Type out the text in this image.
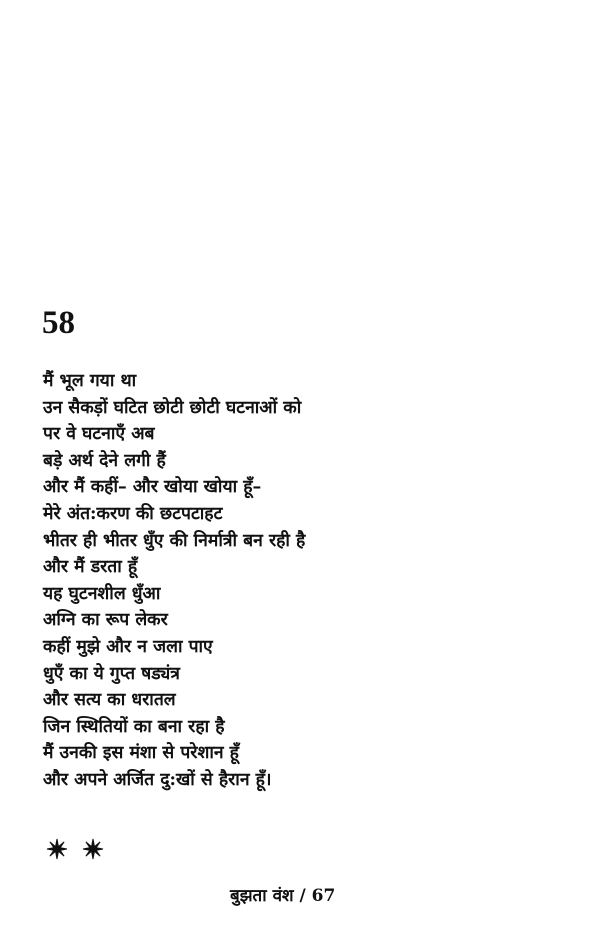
58
मैं भूल गया था
उन सैकड़ों घटित छोटी छोटी घटनाओं को
पर वे घटनाएँ अब
बड़े अर्थ देने लगी हैं
और मैं कहीं– और खोया खोया हूँ–
मेरे अंत:करण की छटपटाहट
भीतर ही भीतर धुँए की निर्मात्री बन रही है
और मैं डरता हूँ
यह घुटनशील धुँआ
अग्नि का रूप लेकर
कहीं मुझे और न जला पाए
धुएँ का ये गुप्त षड्यंत्र
और सत्य का धरातल
जिन स्थितियों का बना रहा है
मैं उनकी इस मंशा से परेशान हूँ
और अपने अर्जित दु:खों से हैरान हूँ।
बुझता वंश / 67
